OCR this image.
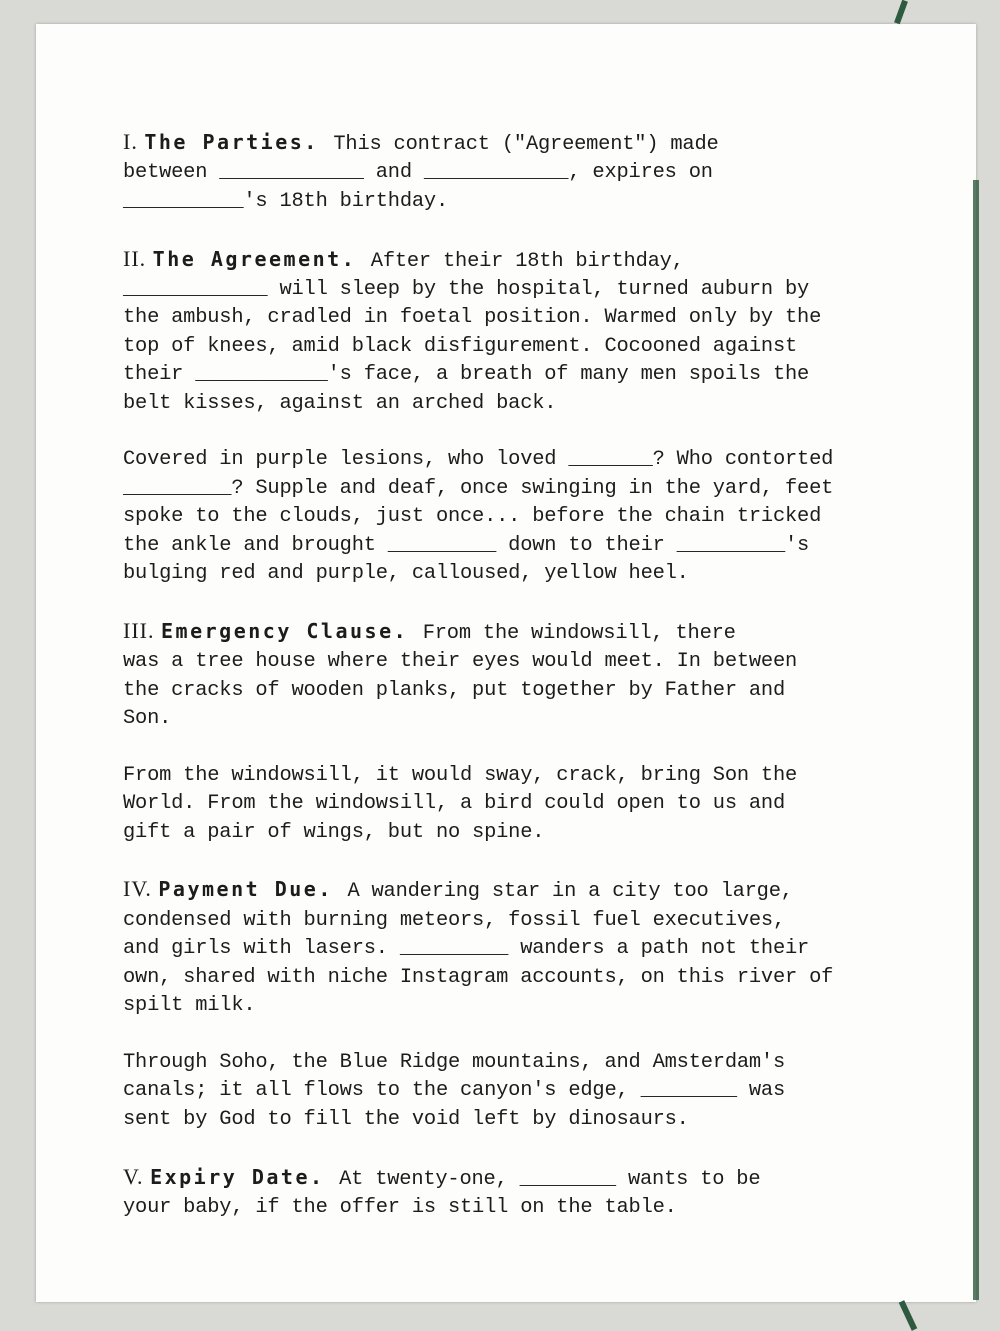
I. The Parties. This contract ("Agreement") made
between ____________ and ____________, expires on
__________'s 18th birthday.
II. The Agreement. After their 18th birthday,
____________ will sleep by the hospital, turned auburn by
the ambush, cradled in foetal position. Warmed only by the
top of knees, amid black disfigurement. Cocooned against
their ___________'s face, a breath of many men spoils the
belt kisses, against an arched back.
Covered in purple lesions, who loved _______? Who contorted
_________? Supple and deaf, once swinging in the yard, feet
spoke to the clouds, just once... before the chain tricked
the ankle and brought _________ down to their _________'s
bulging red and purple, calloused, yellow heel.
III. Emergency Clause. From the windowsill, there
was a tree house where their eyes would meet. In between
the cracks of wooden planks, put together by Father and
Son.
From the windowsill, it would sway, crack, bring Son the
World. From the windowsill, a bird could open to us and
gift a pair of wings, but no spine.
IV. Payment Due. A wandering star in a city too large,
condensed with burning meteors, fossil fuel executives,
and girls with lasers. _________ wanders a path not their
own, shared with niche Instagram accounts, on this river of
spilt milk.
Through Soho, the Blue Ridge mountains, and Amsterdam's
canals; it all flows to the canyon's edge, ________ was
sent by God to fill the void left by dinosaurs.
V. Expiry Date. At twenty-one, ________ wants to be
your baby, if the offer is still on the table.
